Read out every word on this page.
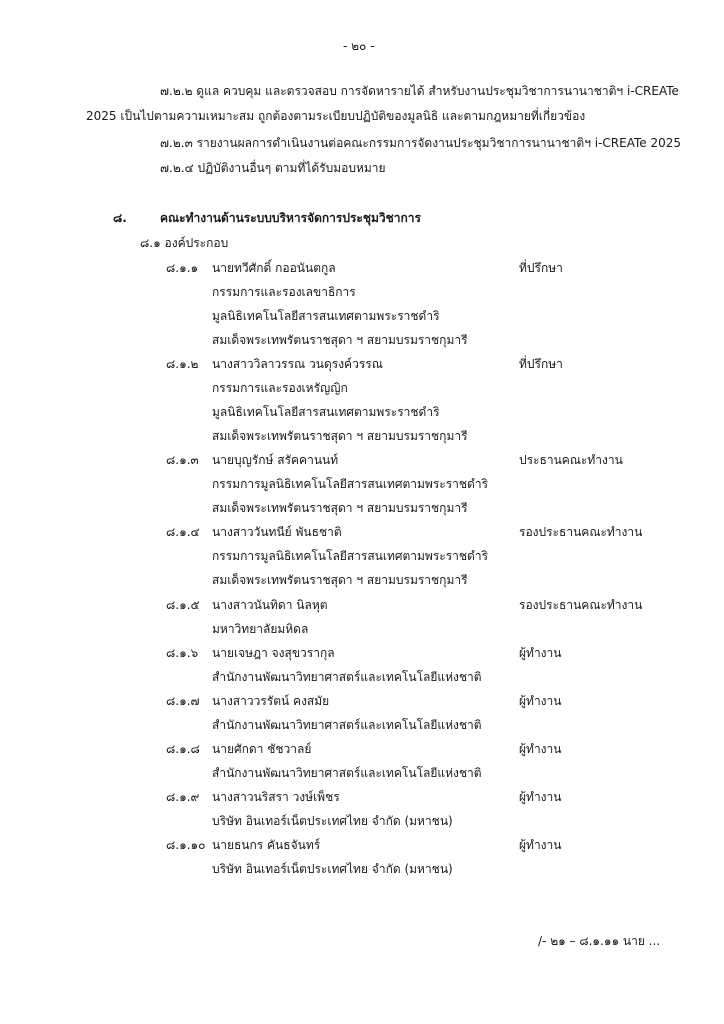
- ๒๐ -
๗.๒.๒ ดูแล ควบคุม และตรวจสอบ การจัดหารายได้ สำหรับงานประชุมวิชาการนานาชาติฯ i-CREATe
2025 เป็นไปตามความเหมาะสม ถูกต้องตามระเบียบปฏิบัติของมูลนิธิ และตามกฎหมายที่เกี่ยวข้อง
๗.๒.๓ รายงานผลการดำเนินงานต่อคณะกรรมการจัดงานประชุมวิชาการนานาชาติฯ i-CREATe 2025
๗.๒.๔ ปฏิบัติงานอื่นๆ ตามที่ได้รับมอบหมาย
๘.	คณะทำงานด้านระบบบริหารจัดการประชุมวิชาการ
๘.๑ องค์ประกอบ
๘.๑.๑	นายทวีศักดิ์ กออนันตกูล	ที่ปรึกษา
กรรมการและรองเลขาธิการ
มูลนิธิเทคโนโลยีสารสนเทศตามพระราชดำริ
สมเด็จพระเทพรัตนราชสุดา ฯ สยามบรมราชกุมารี
๘.๑.๒	นางสาววิลาวรรณ วนดุรงค์วรรณ	ที่ปรึกษา
กรรมการและรองเหรัญญิก
มูลนิธิเทคโนโลยีสารสนเทศตามพระราชดำริ
สมเด็จพระเทพรัตนราชสุดา ฯ สยามบรมราชกุมารี
๘.๑.๓	นายบุญรักษ์ สรัคคานนท์	ประธานคณะทำงาน
กรรมการมูลนิธิเทคโนโลยีสารสนเทศตามพระราชดำริ
สมเด็จพระเทพรัตนราชสุดา ฯ สยามบรมราชกุมารี
๘.๑.๔	นางสาววันทนีย์ พันธชาติ	รองประธานคณะทำงาน
กรรมการมูลนิธิเทคโนโลยีสารสนเทศตามพระราชดำริ
สมเด็จพระเทพรัตนราชสุดา ฯ สยามบรมราชกุมารี
๘.๑.๕	นางสาวนันทิดา นิลหุต	รองประธานคณะทำงาน
มหาวิทยาลัยมหิดล
๘.๑.๖	นายเจษฎา จงสุขวรากุล	ผู้ทำงาน
สำนักงานพัฒนาวิทยาศาสตร์และเทคโนโลยีแห่งชาติ
๘.๑.๗	นางสาววรรัตน์ คงสมัย	ผู้ทำงาน
สำนักงานพัฒนาวิทยาศาสตร์และเทคโนโลยีแห่งชาติ
๘.๑.๘	นายศักดา ชัชวาลย์	ผู้ทำงาน
สำนักงานพัฒนาวิทยาศาสตร์และเทคโนโลยีแห่งชาติ
๘.๑.๙	นางสาวนริสรา วงษ์เพ็ชร	ผู้ทำงาน
บริษัท อินเทอร์เน็ตประเทศไทย จำกัด (มหาชน)
๘.๑.๑๐ นายธนกร คันธจันทร์	ผู้ทำงาน
บริษัท อินเทอร์เน็ตประเทศไทย จำกัด (มหาชน)
/- ๒๑ – ๘.๑.๑๑ นาย ...
